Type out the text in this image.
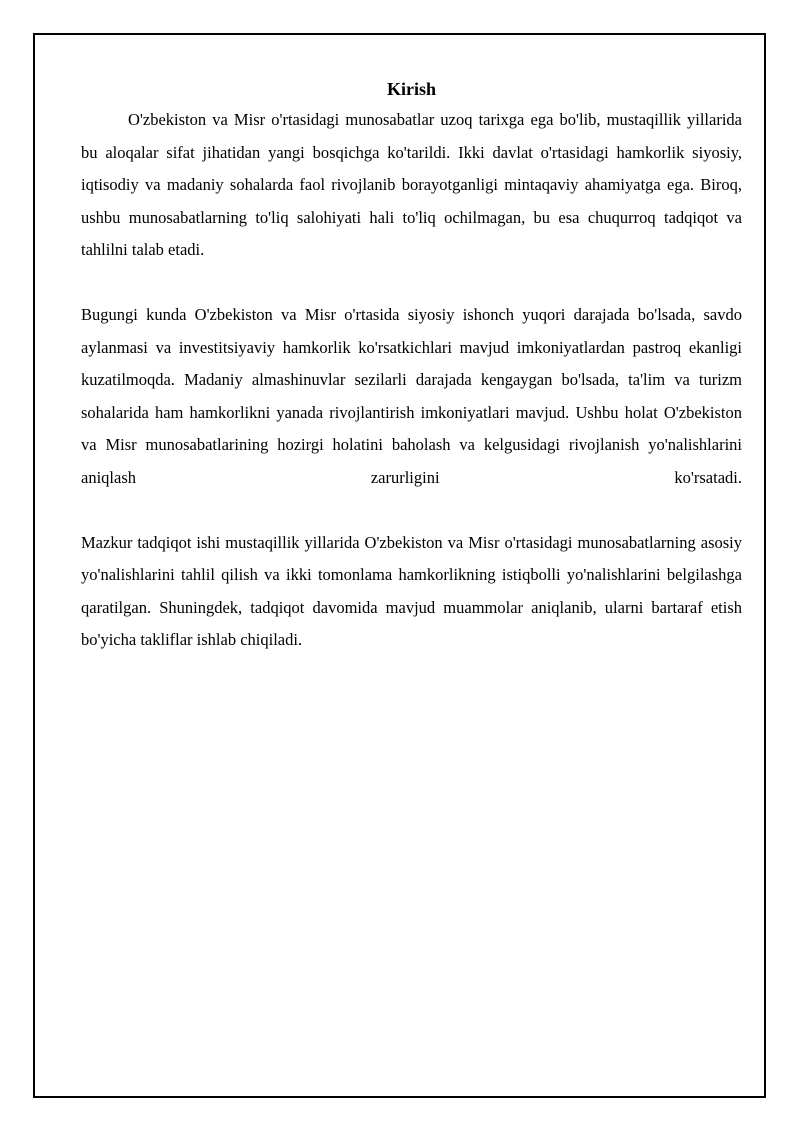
Kirish

O'zbekiston va Misr o'rtasidagi munosabatlar uzoq tarixga ega bo'lib, mustaqillik yillarida bu aloqalar sifat jihatidan yangi bosqichga ko'tarildi. Ikki davlat o'rtasidagi hamkorlik siyosiy, iqtisodiy va madaniy sohalarda faol rivojlanib borayotganligi mintaqaviy ahamiyatga ega. Biroq, ushbu munosabatlarning to'liq salohiyati hali to'liq ochilmagan, bu esa chuqurroq tadqiqot va tahlilni talab etadi.

Bugungi kunda O'zbekiston va Misr o'rtasida siyosiy ishonch yuqori darajada bo'lsada, savdo aylanmasi va investitsiyaviy hamkorlik ko'rsatkichlari mavjud imkoniyatlardan pastroq ekanligi kuzatilmoqda. Madaniy almashinuvlar sezilarli darajada kengaygan bo'lsada, ta'lim va turizm sohalarida ham hamkorlikni yanada rivojlantirish imkoniyatlari mavjud. Ushbu holat O'zbekiston va Misr munosabatlarining hozirgi holatini baholash va kelgusidagi rivojlanish yo'nalishlarini aniqlash zarurligini ko'rsatadi.

Mazkur tadqiqot ishi mustaqillik yillarida O'zbekiston va Misr o'rtasidagi munosabatlarning asosiy yo'nalishlarini tahlil qilish va ikki tomonlama hamkorlikning istiqbolli yo'nalishlarini belgilashga qaratilgan. Shuningdek, tadqiqot davomida mavjud muammolar aniqlanib, ularni bartaraf etish bo'yicha takliflar ishlab chiqiladi.
